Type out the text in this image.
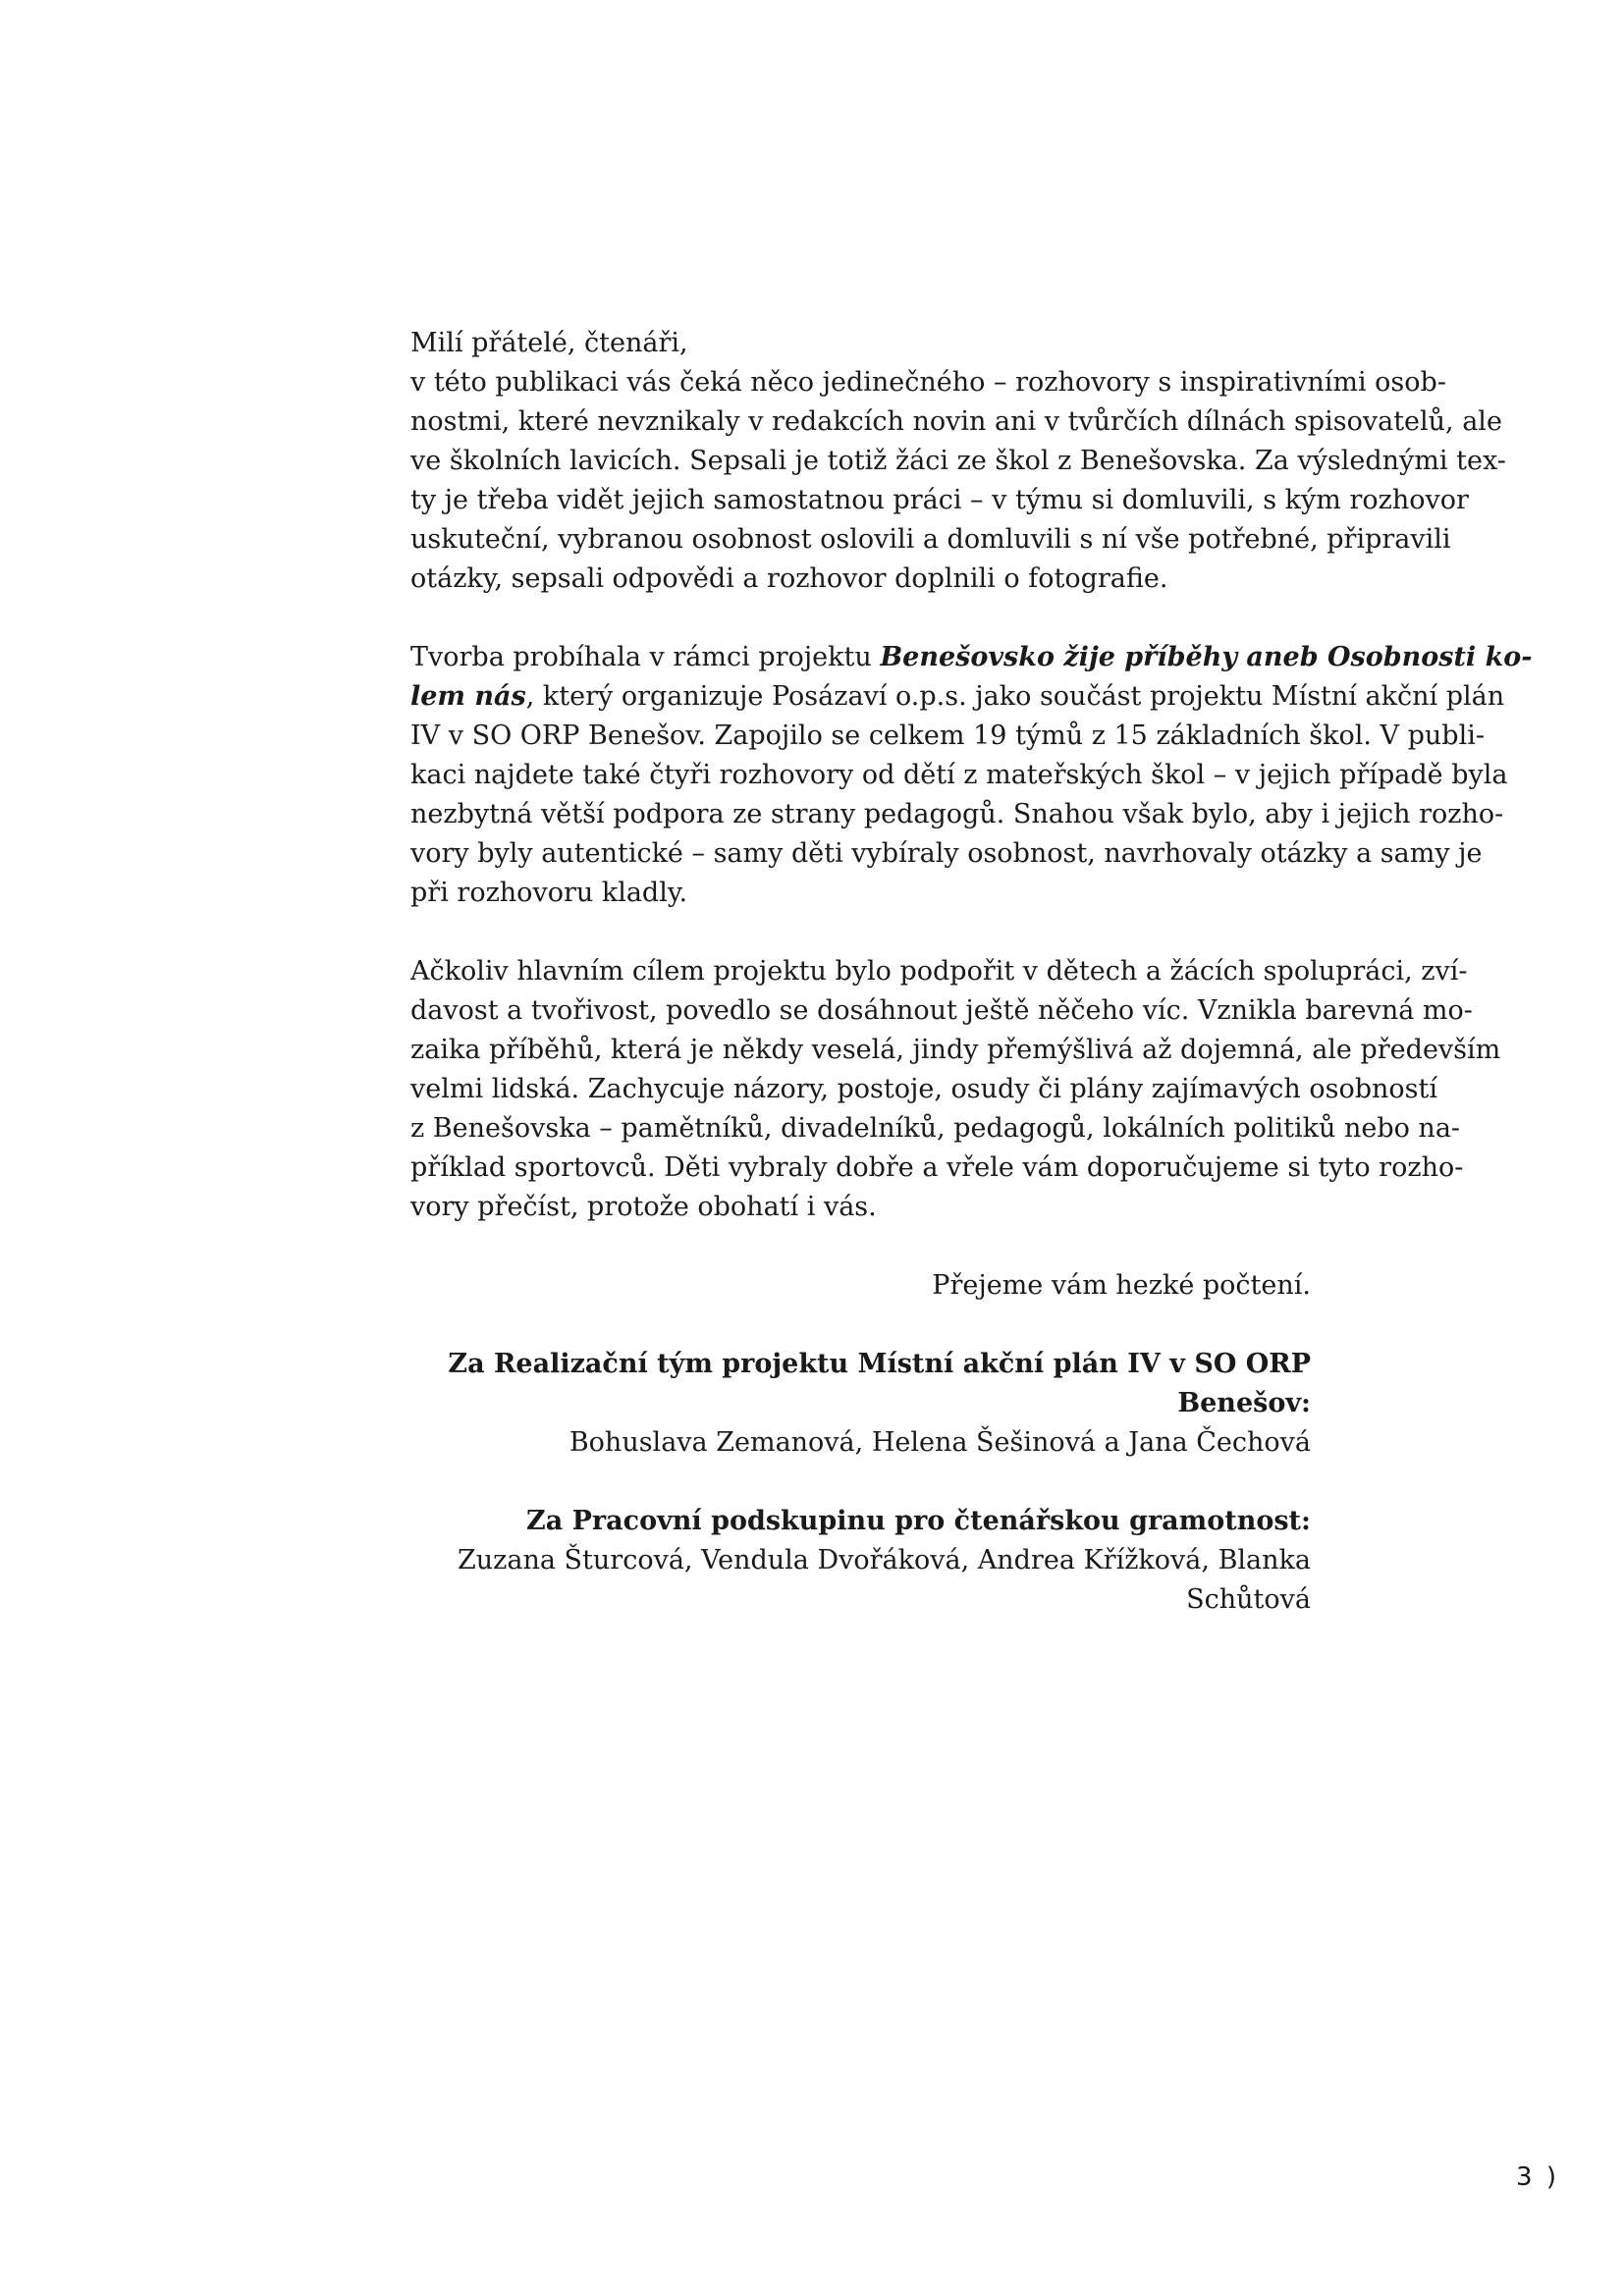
Milí přátelé, čtenáři,
v této publikaci vás čeká něco jedinečného – rozhovory s inspirativními osob-
nostmi, které nevznikaly v redakcích novin ani v tvůrčích dílnách spisovatelů, ale
ve školních lavicích. Sepsali je totiž žáci ze škol z Benešovska. Za výslednými tex-
ty je třeba vidět jejich samostatnou práci – v týmu si domluvili, s kým rozhovor
uskuteční, vybranou osobnost oslovili a domluvili s ní vše potřebné, připravili
otázky, sepsali odpovědi a rozhovor doplnili o fotografie.
Tvorba probíhala v rámci projektu Benešovsko žije příběhy aneb Osobnosti ko-
lem nás, který organizuje Posázaví o.p.s. jako součást projektu Místní akční plán
IV v SO ORP Benešov. Zapojilo se celkem 19 týmů z 15 základních škol. V publi-
kaci najdete také čtyři rozhovory od dětí z mateřských škol – v jejich případě byla
nezbytná větší podpora ze strany pedagogů. Snahou však bylo, aby i jejich rozho-
vory byly autentické – samy děti vybíraly osobnost, navrhovaly otázky a samy je
při rozhovoru kladly.
Ačkoliv hlavním cílem projektu bylo podpořit v dětech a žácích spolupráci, zví-
davost a tvořivost, povedlo se dosáhnout ještě něčeho víc. Vznikla barevná mo-
zaika příběhů, která je někdy veselá, jindy přemýšlivá až dojemná, ale především
velmi lidská. Zachycuje názory, postoje, osudy či plány zajímavých osobností
z Benešovska – pamětníků, divadelníků, pedagogů, lokálních politiků nebo na-
příklad sportovců. Děti vybraly dobře a vřele vám doporučujeme si tyto rozho-
vory přečíst, protože obohatí i vás.
Přejeme vám hezké počtení.
Za Realizační tým projektu Místní akční plán IV v SO ORP Benešov:
Bohuslava Zemanová, Helena Šešinová a Jana Čechová
Za Pracovní podskupinu pro čtenářskou gramotnost:
Zuzana Šturcová, Vendula Dvořáková, Andrea Křížková, Blanka Schůtová
3 )
